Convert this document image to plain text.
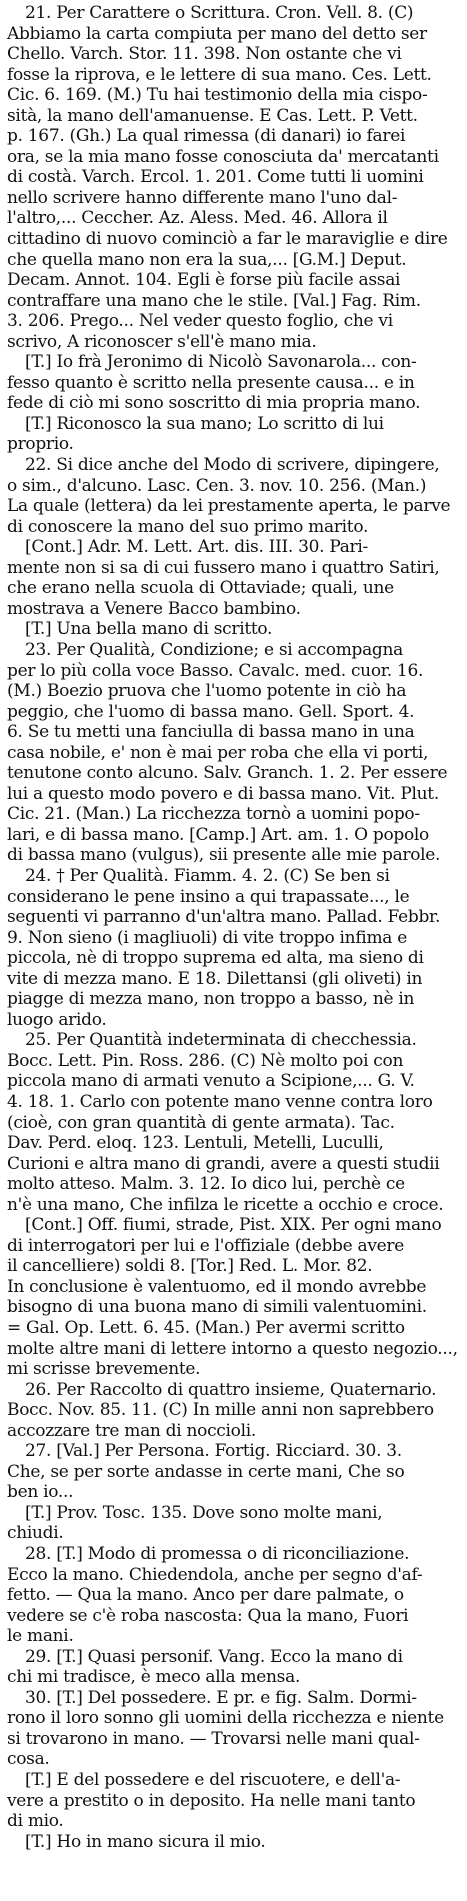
21. Per Carattere o Scrittura. Cron. Vell. 8. (C)
Abbiamo la carta compiuta per mano del detto ser
Chello. Varch. Stor. 11. 398. Non ostante che vi
fosse la riprova, e le lettere di sua mano. Ces. Lett.
Cic. 6. 169. (M.) Tu hai testimonio della mia cispo-
sità, la mano dell'amanuense. E Cas. Lett. P. Vett.
p. 167. (Gh.) La qual rimessa (di danari) io farei
ora, se la mia mano fosse conosciuta da' mercatanti
di costà. Varch. Ercol. 1. 201. Come tutti li uomini
nello scrivere hanno differente mano l'uno dal-
l'altro,... Ceccher. Az. Aless. Med. 46. Allora il
cittadino di nuovo cominciò a far le maraviglie e dire
che quella mano non era la sua,... [G.M.] Deput.
Decam. Annot. 104. Egli è forse più facile assai
contraffare una mano che le stile. [Val.] Fag. Rim.
3. 206. Prego... Nel veder questo foglio, che vi
scrivo, A riconoscer s'ell'è mano mia.
[T.] Io frà Jeronimo di Nicolò Savonarola... con-
fesso quanto è scritto nella presente causa... e in
fede di ciò mi sono soscritto di mia propria mano.
[T.] Riconosco la sua mano; Lo scritto di lui
proprio.
22. Si dice anche del Modo di scrivere, dipingere,
o sim., d'alcuno. Lasc. Cen. 3. nov. 10. 256. (Man.)
La quale (lettera) da lei prestamente aperta, le parve
di conoscere la mano del suo primo marito.
[Cont.] Adr. M. Lett. Art. dis. III. 30. Pari-
mente non si sa di cui fussero mano i quattro Satiri,
che erano nella scuola di Ottaviade; quali, une
mostrava a Venere Bacco bambino.
[T.] Una bella mano di scritto.
23. Per Qualità, Condizione; e si accompagna
per lo più colla voce Basso. Cavalc. med. cuor. 16.
(M.) Boezio pruova che l'uomo potente in ciò ha
peggio, che l'uomo di bassa mano. Gell. Sport. 4.
6. Se tu metti una fanciulla di bassa mano in una
casa nobile, e' non è mai per roba che ella vi porti,
tenutone conto alcuno. Salv. Granch. 1. 2. Per essere
lui a questo modo povero e di bassa mano. Vit. Plut.
Cic. 21. (Man.) La ricchezza tornò a uomini popo-
lari, e di bassa mano. [Camp.] Art. am. 1. O popolo
di bassa mano (vulgus), sii presente alle mie parole.
24. † Per Qualità. Fiamm. 4. 2. (C) Se ben si
considerano le pene insino a qui trapassate..., le
seguenti vi parranno d'un'altra mano. Pallad. Febbr.
9. Non sieno (i magliuoli) di vite troppo infima e
piccola, nè di troppo suprema ed alta, ma sieno di
vite di mezza mano. E 18. Dilettansi (gli oliveti) in
piagge di mezza mano, non troppo a basso, nè in
luogo arido.
25. Per Quantità indeterminata di checchessia.
Bocc. Lett. Pin. Ross. 286. (C) Nè molto poi con
piccola mano di armati venuto a Scipione,... G. V.
4. 18. 1. Carlo con potente mano venne contra loro
(cioè, con gran quantità di gente armata). Tac.
Dav. Perd. eloq. 123. Lentuli, Metelli, Luculli,
Curioni e altra mano di grandi, avere a questi studii
molto atteso. Malm. 3. 12. Io dico lui, perchè ce
n'è una mano, Che infilza le ricette a occhio e croce.
[Cont.] Off. fiumi, strade, Pist. XIX. Per ogni mano
di interrogatori per lui e l'offiziale (debbe avere
il cancelliere) soldi 8. [Tor.] Red. L. Mor. 82.
In conclusione è valentuomo, ed il mondo avrebbe
bisogno di una buona mano di simili valentuomini.
= Gal. Op. Lett. 6. 45. (Man.) Per avermi scritto
molte altre mani di lettere intorno a questo negozio...,
mi scrisse brevemente.
26. Per Raccolto di quattro insieme, Quaternario.
Bocc. Nov. 85. 11. (C) In mille anni non saprebbero
accozzare tre man di noccioli.
27. [Val.] Per Persona. Fortig. Ricciard. 30. 3.
Che, se per sorte andasse in certe mani, Che so
ben io...
[T.] Prov. Tosc. 135. Dove sono molte mani,
chiudi.
28. [T.] Modo di promessa o di riconciliazione.
Ecco la mano. Chiedendola, anche per segno d'af-
fetto. — Qua la mano. Anco per dare palmate, o
vedere se c'è roba nascosta: Qua la mano, Fuori
le mani.
29. [T.] Quasi personif. Vang. Ecco la mano di
chi mi tradisce, è meco alla mensa.
30. [T.] Del possedere. E pr. e fig. Salm. Dormi-
rono il loro sonno gli uomini della ricchezza e niente
si trovarono in mano. — Trovarsi nelle mani qual-
cosa.
[T.] E del possedere e del riscuotere, e dell'a-
vere a prestito o in deposito. Ha nelle mani tanto
di mio.
[T.] Ho in mano sicura il mio.
